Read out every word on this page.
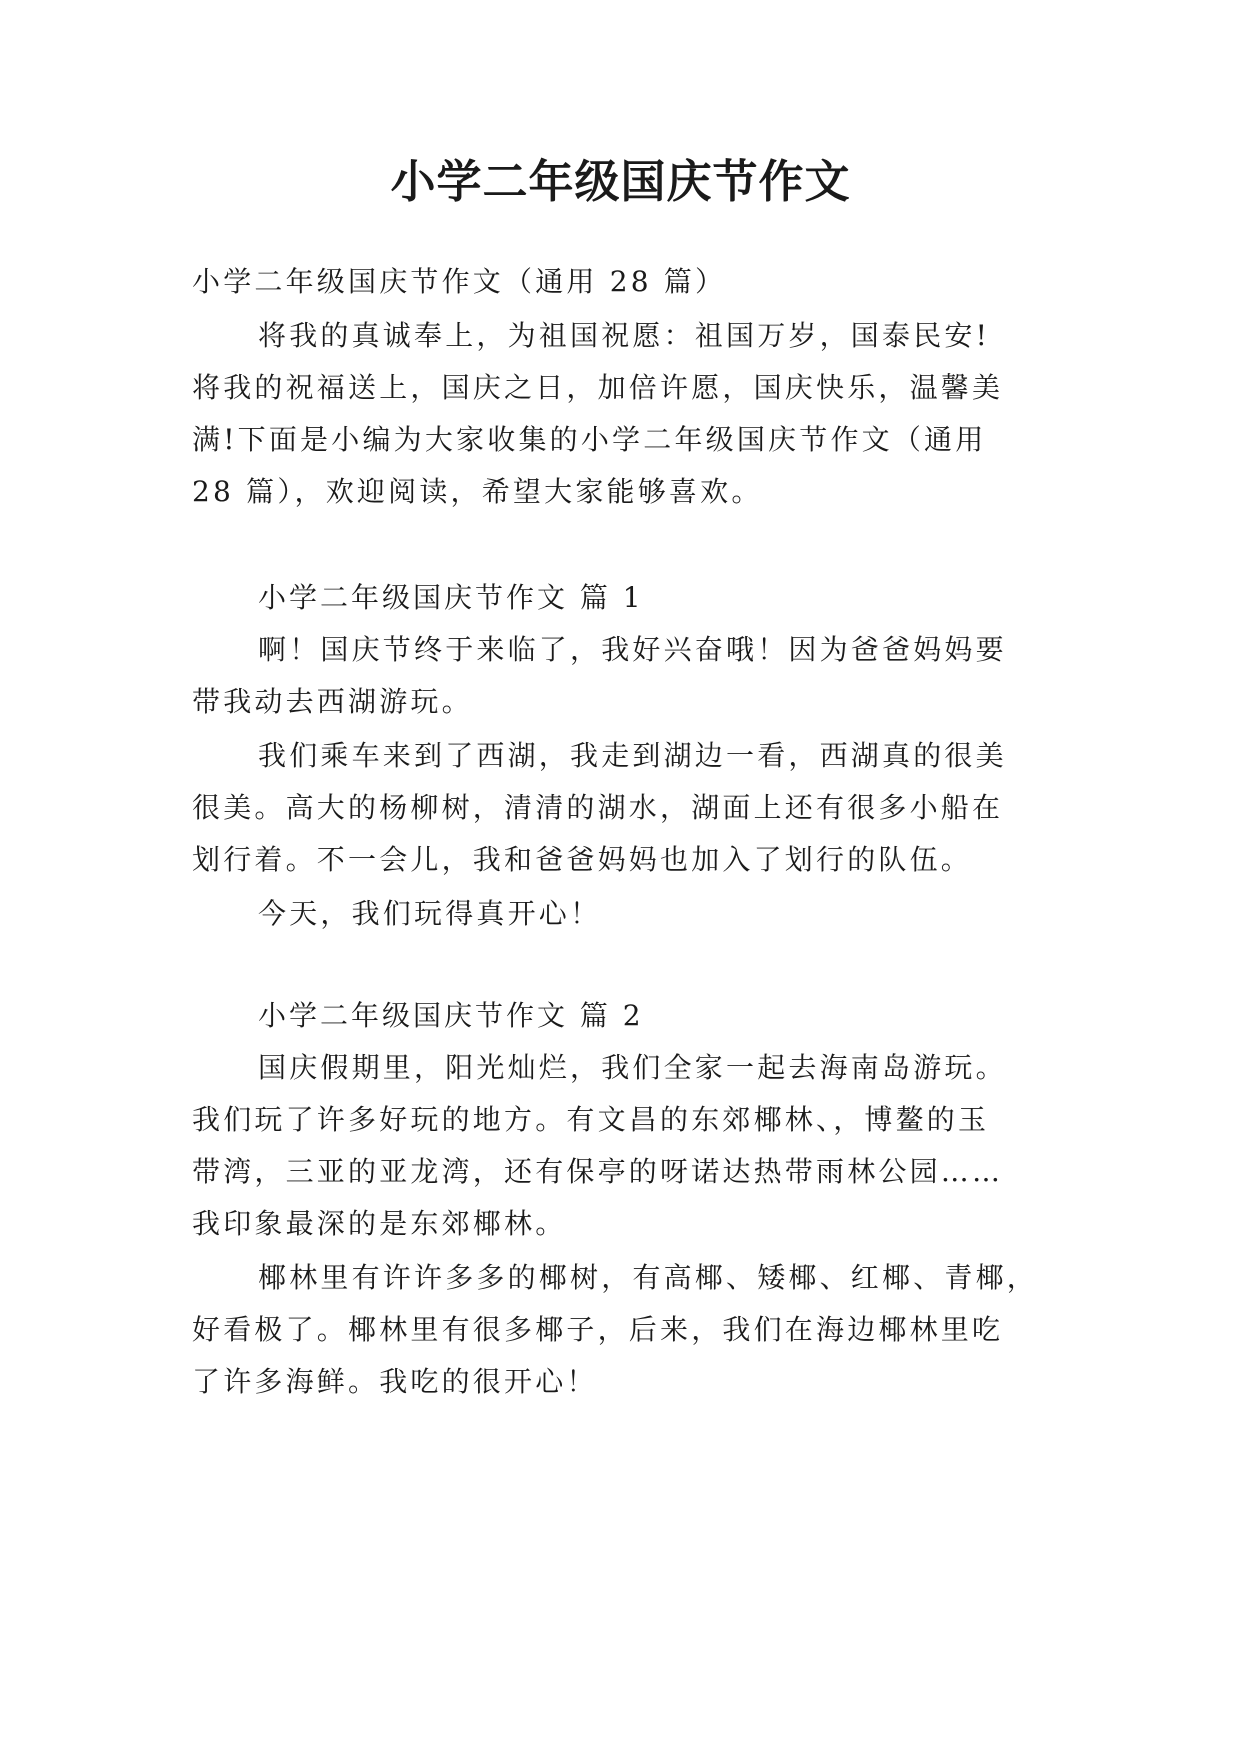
小学二年级国庆节作文
小学二年级国庆节作文（通用 28 篇）
将我的真诚奉上，为祖国祝愿：祖国万岁，国泰民安!
将我的祝福送上，国庆之日，加倍许愿，国庆快乐，温馨美
满!下面是小编为大家收集的小学二年级国庆节作文（通用
28 篇），欢迎阅读，希望大家能够喜欢。
小学二年级国庆节作文 篇 1
啊！国庆节终于来临了，我好兴奋哦！因为爸爸妈妈要
带我动去西湖游玩。
我们乘车来到了西湖，我走到湖边一看，西湖真的很美
很美。高大的杨柳树，清清的湖水，湖面上还有很多小船在
划行着。不一会儿，我和爸爸妈妈也加入了划行的队伍。
今天，我们玩得真开心！
小学二年级国庆节作文 篇 2
国庆假期里，阳光灿烂，我们全家一起去海南岛游玩。
我们玩了许多好玩的地方。有文昌的东郊椰林、，博鳌的玉
带湾，三亚的亚龙湾，还有保亭的呀诺达热带雨林公园……
我印象最深的是东郊椰林。
椰林里有许许多多的椰树，有高椰、矮椰、红椰、青椰，
好看极了。椰林里有很多椰子，后来，我们在海边椰林里吃
了许多海鲜。我吃的很开心！
